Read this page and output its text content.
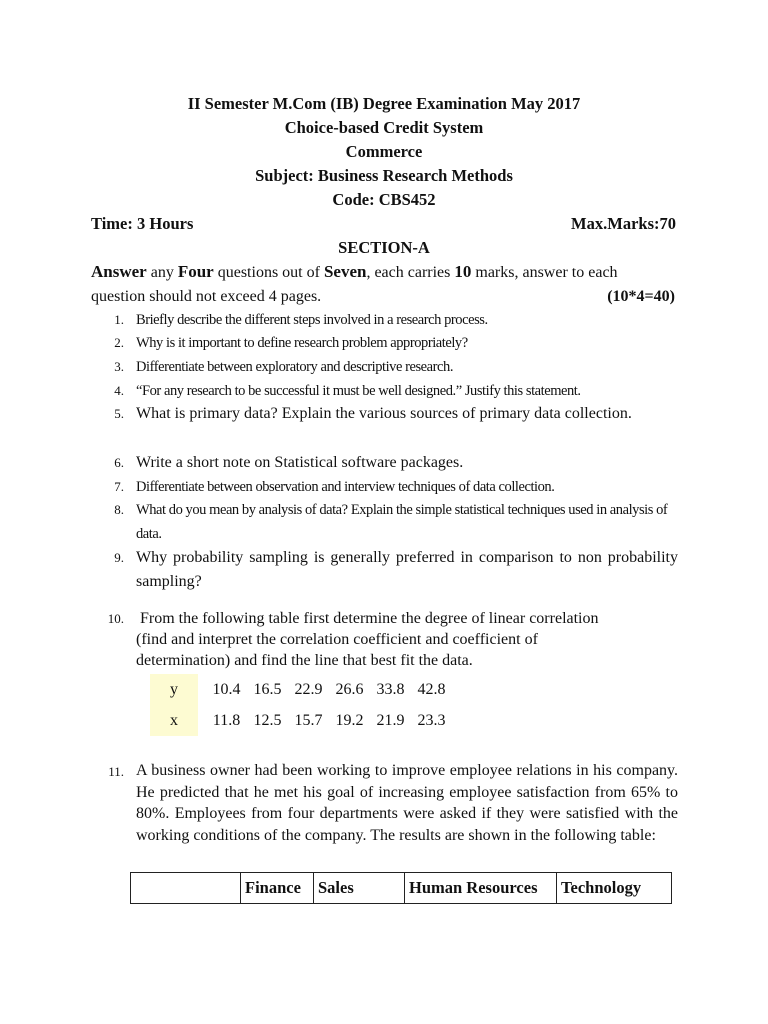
II Semester M.Com (IB) Degree Examination May 2017
Choice-based Credit System
Commerce
Subject: Business Research Methods
Code: CBS452
Time: 3 Hours	Max.Marks:70
SECTION-A
Answer any Four questions out of Seven, each carries 10 marks, answer to each
question should not exceed 4 pages.	(10*4=40)
1. Briefly describe the different steps involved in a research process.
2. Why is it important to define research problem appropriately?
3. Differentiate between exploratory and descriptive research.
4. “For any research to be successful it must be well designed.” Justify this statement.
5. What is primary data? Explain the various sources of primary data collection.
6. Write a short note on Statistical software packages.
7. Differentiate between observation and interview techniques of data collection.
8. What do you mean by analysis of data? Explain the simple statistical techniques used in analysis of data.
9. Why probability sampling is generally preferred in comparison to non probability sampling?
10. From the following table first determine the degree of linear correlation
(find and interpret the correlation coefficient and coefficient of
determination) and find the line that best fit the data.
11. A business owner had been working to improve employee relations in his company. He predicted that he met his goal of increasing employee satisfaction from 65% to 80%. Employees from four departments were asked if they were satisfied with the working conditions of the company. The results are shown in the following table:
y	10.4	16.5	22.9	26.6	33.8	42.8
x	11.8	12.5	15.7	19.2	21.9	23.3
	Finance	Sales	Human Resources	Technology
